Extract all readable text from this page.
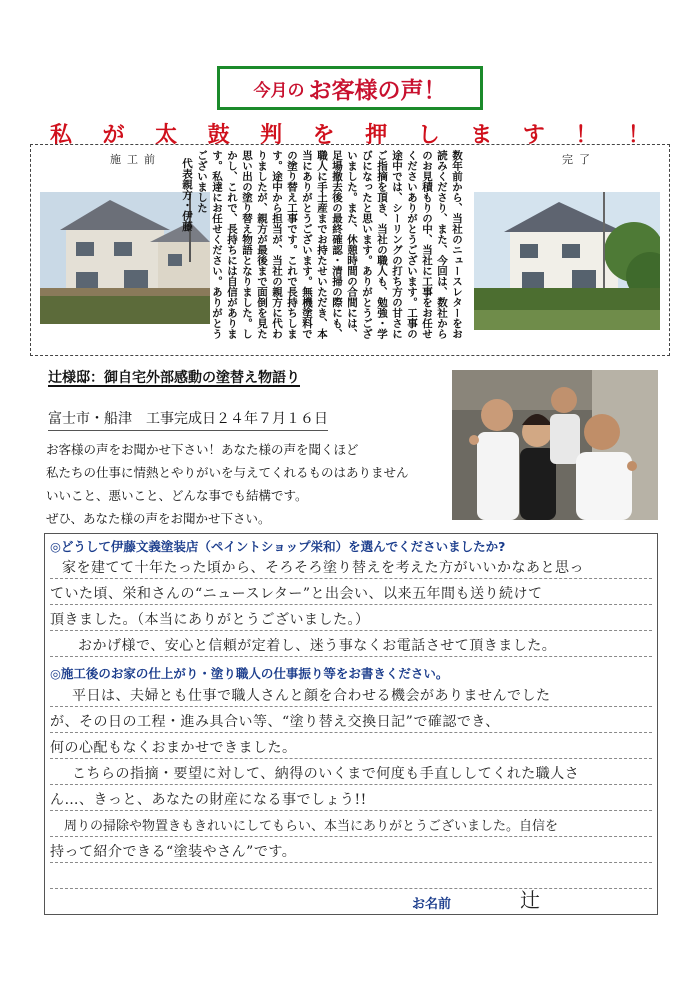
今月の お客様の声！
私 が 太 鼓 判 を 押 し ま す ！ ！
施工前	完了
数年前から、当社のニュースレターをお読みくださり、また、今回は、数社からのお見積もりの中、当社に工事をお任せくださいありがとうございます。工事の途中では、シーリングの打ち方の甘さにご指摘を頂き、当社の職人も、勉強・学びになったと思います。ありがとうございました。また、休憩時間の合間には、足場撤去後の最終確認・清掃の際にも、職人に手土産までお持たせいただき、本当にありがとうございます。無機塗料での塗り替え工事です。これで長持ちします。途中から担当が、当社の親方に代わりましたが、親方が最後まで面倒を見た思い出の塗り替え物語となりました。しかし、これで、長持ちには自信があります。私達にお任せください。ありがとうございました
代表親方・伊藤
辻様邸：御自宅外部感動の塗替え物語り
富士市・船津　工事完成日２４年７月１６日
お客様の声をお聞かせ下さい！あなた様の声を聞くほど
私たちの仕事に情熱とやりがいを与えてくれるものはありません
いいこと、悪いこと、どんな事でも結構です。
ぜひ、あなた様の声をお聞かせ下さい。
◎どうして伊藤文義塗装店（ペイントショップ栄和）を選んでくださいましたか?
家を建てて十年たった頃から、そろそろ塗り替えを考えた方がいいかなあと思っ
ていた頃、栄和さんの“ニュースレター”と出会い、以来五年間も送り続けて
頂きました。（本当にありがとうございました。）
おかげ様で、安心と信頼が定着し、迷う事なくお電話させて頂きました。
◎施工後のお家の仕上がり・塗り職人の仕事振り等をお書きください。
平日は、夫婦とも仕事で職人さんと顔を合わせる機会がありませんでした
が、その日の工程・進み具合い等、“塗り替え交換日記”で確認でき、
何の心配もなくおまかせできました。
こちらの指摘・要望に対して、納得のいくまで何度も手直ししてくれた職人さ
ん…、きっと、あなたの財産になる事でしょう!!
周りの掃除や物置きもきれいにしてもらい、本当にありがとうございました。自信を
持って紹介できる“塗装やさん”です。
お名前	辻
